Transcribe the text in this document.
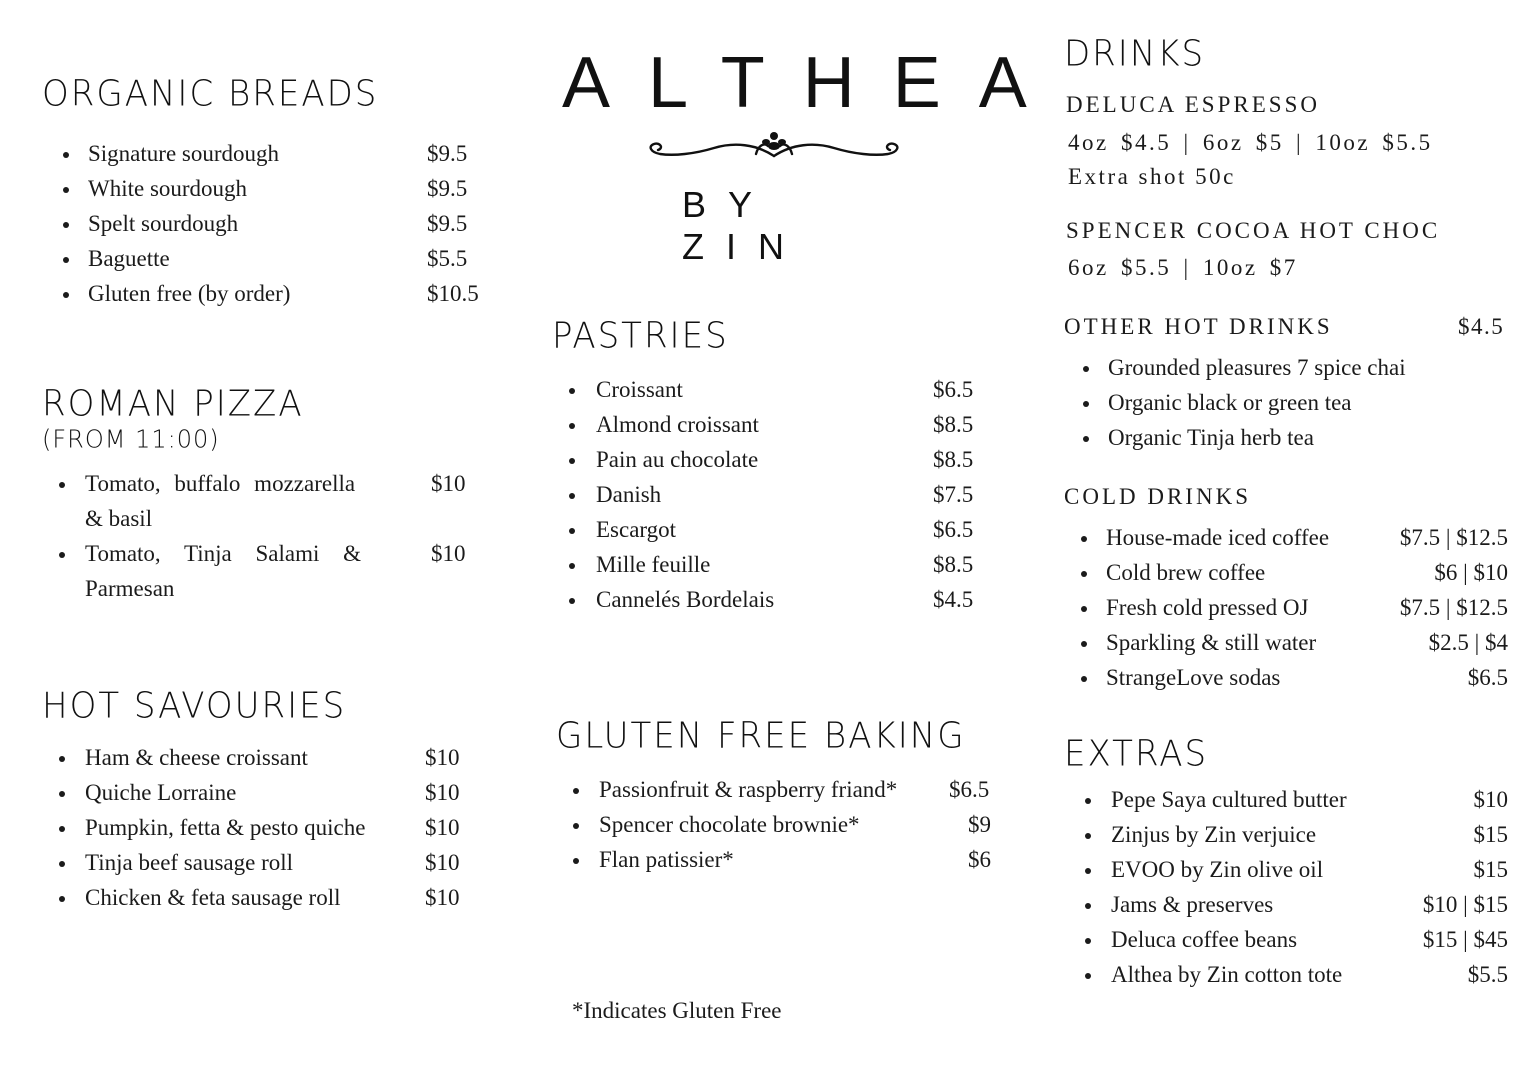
ORGANIC BREADS
Signature sourdough	$9.5
White sourdough	$9.5
Spelt sourdough	$9.5
Baguette	$5.5
Gluten free (by order)	$10.5
ROMAN PIZZA
(FROM 11:00)
Tomato, buffalo mozzarella
& basil
$10
Tomato, Tinja Salami &
Parmesan
$10
HOT SAVOURIES
Ham & cheese croissant	$10
Quiche Lorraine	$10
Pumpkin, fetta & pesto quiche	$10
Tinja beef sausage roll	$10
Chicken & feta sausage roll	$10
ALTHEA
BY ZIN
PASTRIES
Croissant	$6.5
Almond croissant	$8.5
Pain au chocolate	$8.5
Danish	$7.5
Escargot	$6.5
Mille feuille	$8.5
Cannelés Bordelais	$4.5
GLUTEN FREE BAKING
Passionfruit & raspberry friand* $6.5
Spencer chocolate brownie*	$9
Flan patissier*	$6
*Indicates Gluten Free
DRINKS
DELUCA ESPRESSO
4oz $4.5 | 6oz $5 | 10oz $5.5
Extra shot 50c
SPENCER COCOA HOT CHOC
6oz $5.5 | 10oz $7
OTHER HOT DRINKS	$4.5
Grounded pleasures 7 spice chai
Organic black or green tea
Organic Tinja herb tea
COLD DRINKS
House-made iced coffee	$7.5 | $12.5
Cold brew coffee	$6 | $10
Fresh cold pressed OJ	$7.5 | $12.5
Sparkling & still water	$2.5 | $4
StrangeLove sodas	$6.5
EXTRAS
Pepe Saya cultured butter	$10
Zinjus by Zin verjuice	$15
EVOO by Zin olive oil	$15
Jams & preserves	$10 | $15
Deluca coffee beans	$15 | $45
Althea by Zin cotton tote	$5.5
